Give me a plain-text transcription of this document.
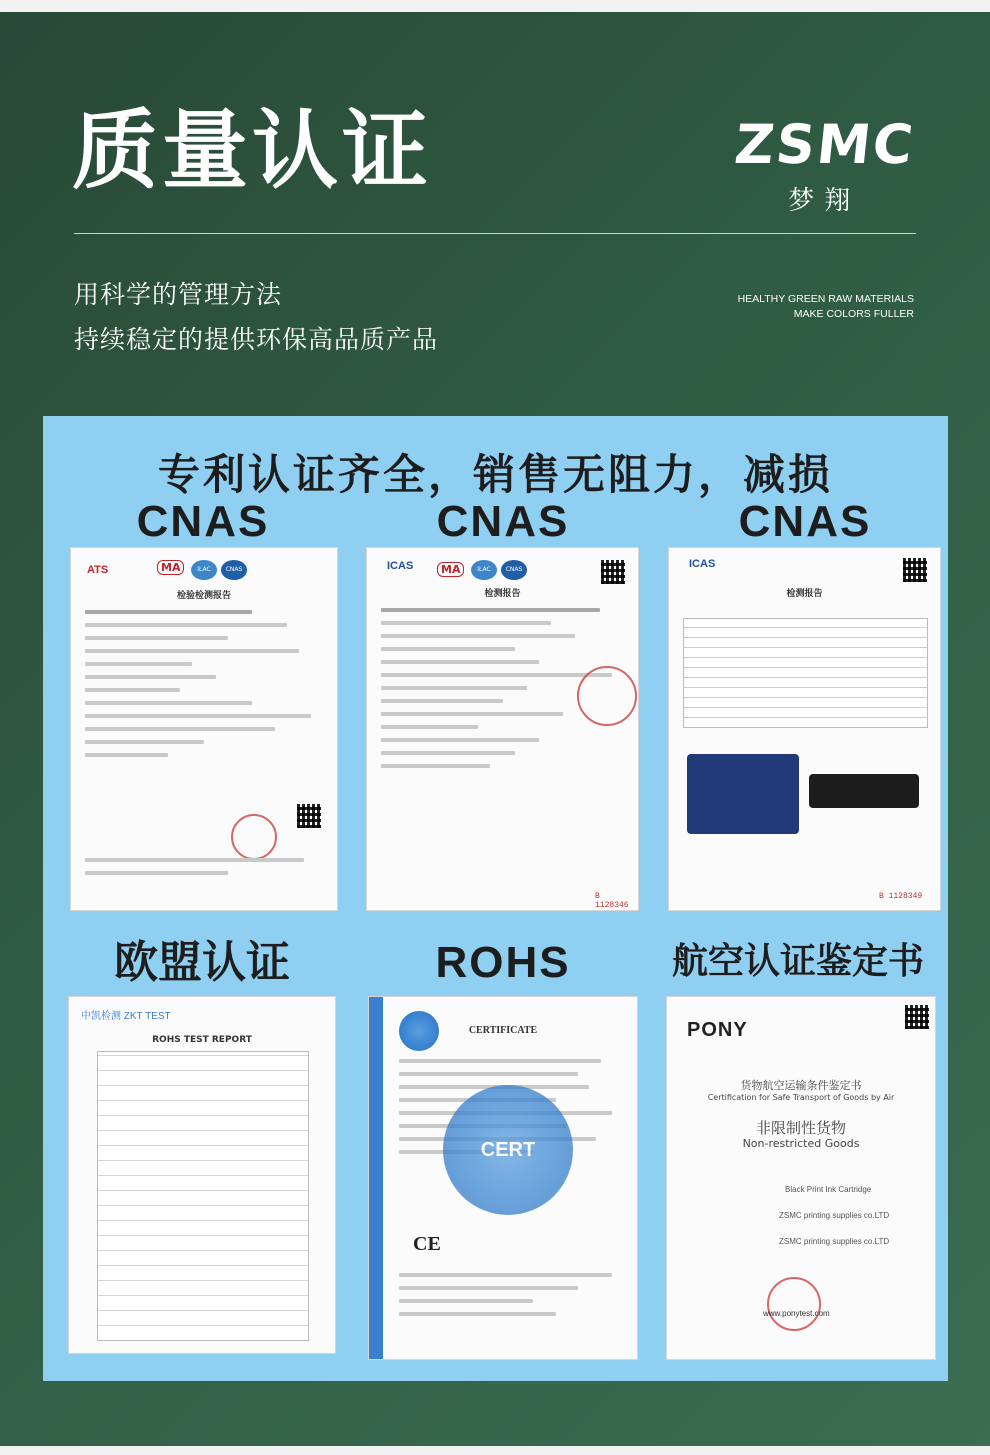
质量认证	ZSMC
梦翔
用科学的管理方法
持续稳定的提供环保高品质产品
HEALTHY GREEN RAW MATERIALS
MAKE COLORS FULLER
专利认证齐全，销售无阻力，减损
CNAS	CNAS	CNAS
ATS	MA	ILAC	CNAS
检验检测报告
ICAS	MA	ILAC	CNAS
检测报告
B 1128346
ICAS
检测报告
B 1128349
欧盟认证	ROHS	航空认证鉴定书
中凯检测 ZKT TEST
ROHS TEST REPORT
CERTIFICATE
CERT
CE
PONY
货物航空运输条件鉴定书
Certification for Safe Transport of Goods by Air
非限制性货物
Non-restricted Goods
Black Print Ink Cartridge
ZSMC printing supplies co.LTD
ZSMC printing supplies co.LTD
www.ponytest.com
